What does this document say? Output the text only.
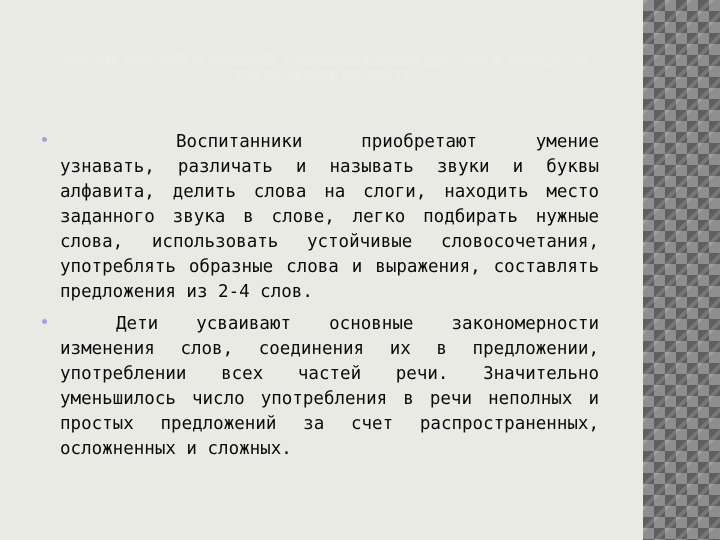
ОБЪЕМ ЗНАНИЙ И УМЕНИЙ, ПРИОБРЕТАЕМЫХ ДЕТЬМИ В ПРОЦЕССЕ РЕАЛИЗАЦИИ ПРОЕКТА.
Воспитанники приобретают умение узнавать, различать и называть звуки и буквы алфавита, делить слова на слоги, находить место заданного звука в слове, легко подбирать нужные слова, использовать устойчивые словосочетания, употреблять образные слова и выражения, составлять предложения из 2-4 слов.
Дети усваивают основные закономерности изменения слов, соединения их в предложении, употреблении всех частей речи. Значительно уменьшилось число употребления в речи неполных и простых предложений за счет распространенных, осложненных и сложных.
